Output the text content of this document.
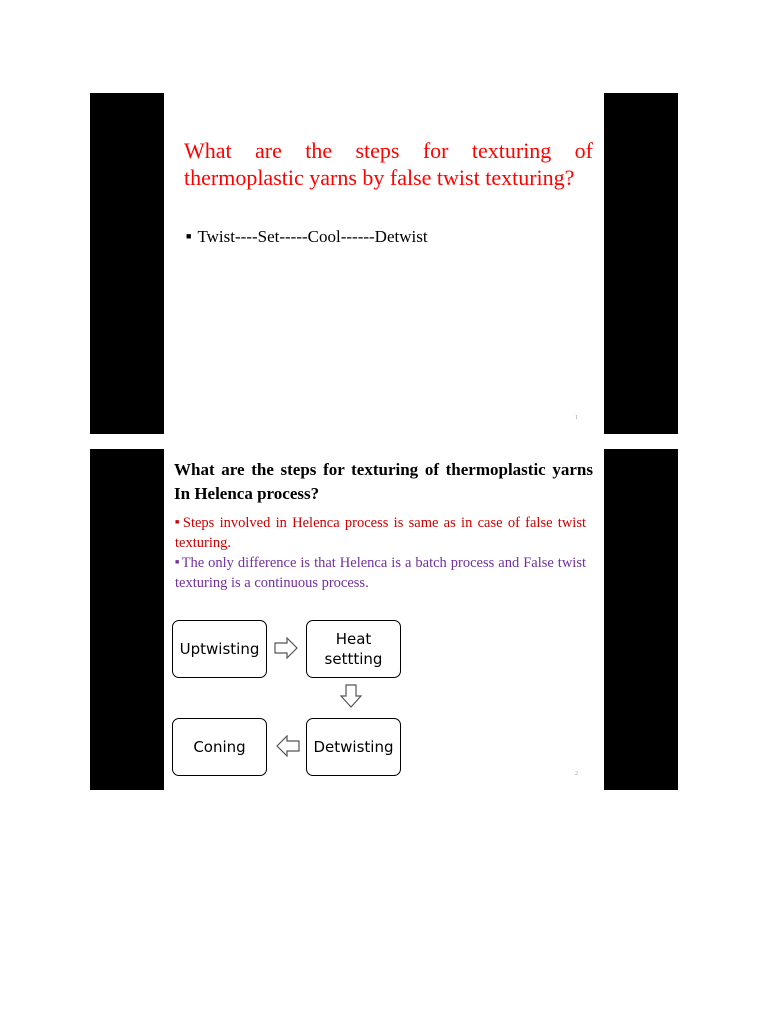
What are the steps for texturing of thermoplastic yarns by false twist texturing?
■ Twist----Set-----Cool------Detwist
1
What are the steps for texturing of thermoplastic yarns In Helenca process?

■ Steps involved in Helenca process is same as in case of false twist texturing.

■ The only difference is that Helenca is a batch process and False twist texturing is a continuous process.

Uptwisting
Heat
settting
Coning	Detwisting
2
